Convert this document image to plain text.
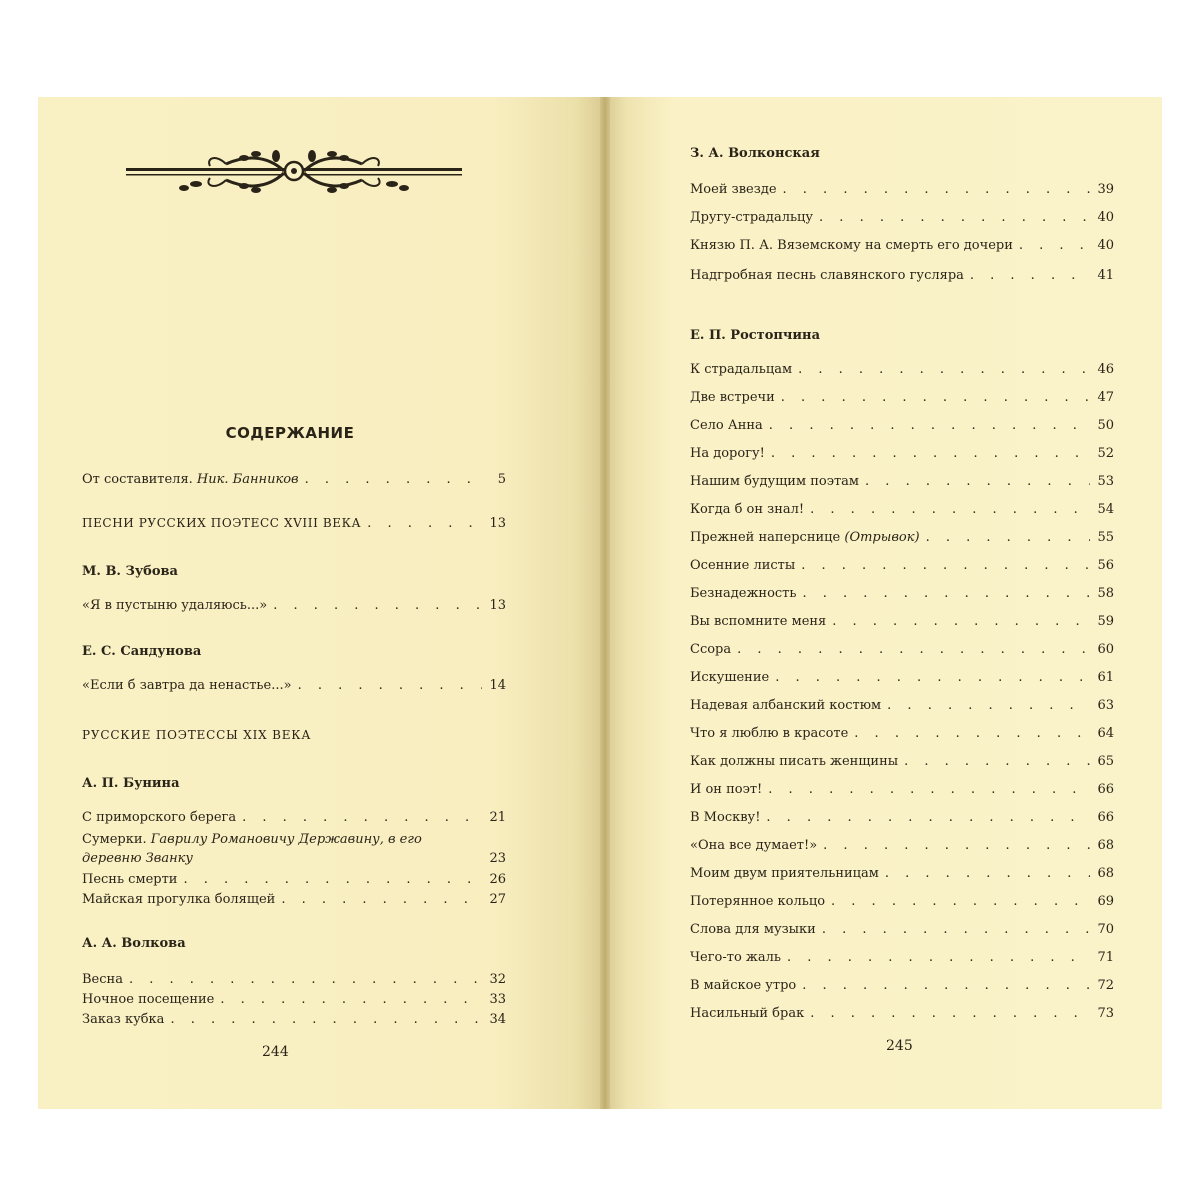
СОДЕРЖАНИЕ
От составителя. Ник. Банников . . .	5
ПЕСНИ РУССКИХ ПОЭТЕСС XVIII ВЕКА . . .	13
М. В. Зубова
«Я в пустыню удаляюсь...» . . .	13
Е. С. Сандунова
«Если б завтра да ненастье...» . . .	14
РУССКИЕ ПОЭТЕССЫ XIX ВЕКА
А. П. Бунина
С приморского берега . . .	21
Сумерки. Гаврилу Романовичу Державину, в его
деревню Званку	23
Песнь смерти . . .	26
Майская прогулка болящей . . .	27
А. А. Волкова
Весна . . .	32
Ночное посещение . . .	33
Заказ кубка . . .	34
244
З. А. Волконская
Моей звезде . . .	39
Другу-страдальцу . . .	40
Князю П. А. Вяземскому на смерть его дочери . . .	40
Надгробная песнь славянского гусляра . . .	41
Е. П. Ростопчина
К страдальцам . . .	46
Две встречи . . .	47
Село Анна . . .	50
На дорогу! . . .	52
Нашим будущим поэтам . . .	53
Когда б он знал! . . .	54
Прежней наперснице (Отрывок) . . .	55
Осенние листы . . .	56
Безнадежность . . .	58
Вы вспомните меня . . .	59
Ссора . . .	60
Искушение . . .	61
Надевая албанский костюм . . .	63
Что я люблю в красоте . . .	64
Как должны писать женщины . . .	65
И он поэт! . . .	66
В Москву! . . .	66
«Она все думает!» . . .	68
Моим двум приятельницам . . .	68
Потерянное кольцо . . .	69
Слова для музыки . . .	70
Чего-то жаль . . .	71
В майское утро . . .	72
Насильный брак . . .	73
245
